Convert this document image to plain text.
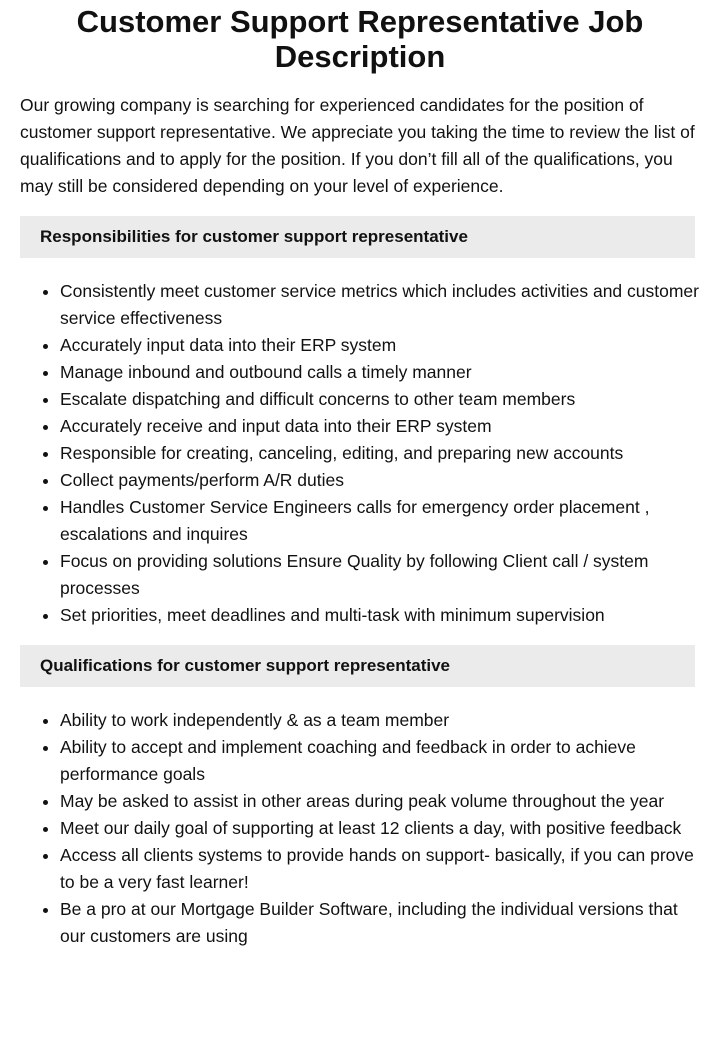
Customer Support Representative Job Description

Our growing company is searching for experienced candidates for the position of customer support representative. We appreciate you taking the time to review the list of qualifications and to apply for the position. If you don’t fill all of the qualifications, you may still be considered depending on your level of experience.

Responsibilities for customer support representative
• Consistently meet customer service metrics which includes activities and customer service effectiveness
• Accurately input data into their ERP system
• Manage inbound and outbound calls a timely manner
• Escalate dispatching and difficult concerns to other team members
• Accurately receive and input data into their ERP system
• Responsible for creating, canceling, editing, and preparing new accounts
• Collect payments/perform A/R duties
• Handles Customer Service Engineers calls for emergency order placement , escalations and inquires
• Focus on providing solutions Ensure Quality by following Client call / system processes
• Set priorities, meet deadlines and multi-task with minimum supervision
Qualifications for customer support representative
• Ability to work independently & as a team member
• Ability to accept and implement coaching and feedback in order to achieve performance goals
• May be asked to assist in other areas during peak volume throughout the year
• Meet our daily goal of supporting at least 12 clients a day, with positive feedback
• Access all clients systems to provide hands on support- basically, if you can prove to be a very fast learner!
• Be a pro at our Mortgage Builder Software, including the individual versions that our customers are using
